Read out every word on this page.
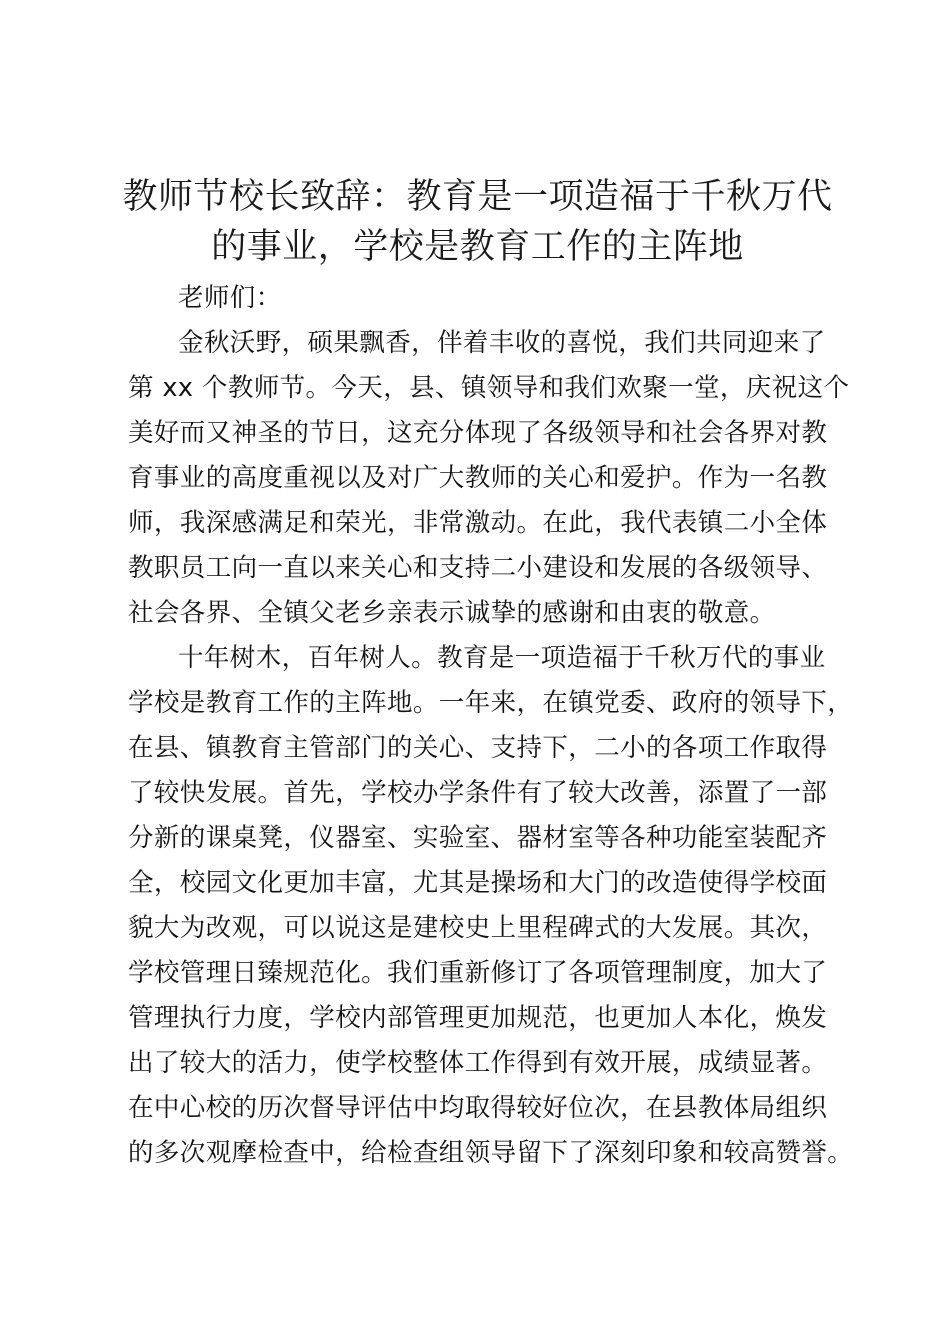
教师节校长致辞：教育是一项造福于千秋万代
的事业，学校是教育工作的主阵地
老师们：
金秋沃野，硕果飘香，伴着丰收的喜悦，我们共同迎来了
第 xx 个教师节。今天，县、镇领导和我们欢聚一堂，庆祝这个
美好而又神圣的节日，这充分体现了各级领导和社会各界对教
育事业的高度重视以及对广大教师的关心和爱护。作为一名教
师，我深感满足和荣光，非常激动。在此，我代表镇二小全体
教职员工向一直以来关心和支持二小建设和发展的各级领导、
社会各界、全镇父老乡亲表示诚挚的感谢和由衷的敬意。
十年树木，百年树人。教育是一项造福于千秋万代的事业
学校是教育工作的主阵地。一年来，在镇党委、政府的领导下，
在县、镇教育主管部门的关心、支持下，二小的各项工作取得
了较快发展。首先，学校办学条件有了较大改善，添置了一部
分新的课桌凳，仪器室、实验室、器材室等各种功能室装配齐
全，校园文化更加丰富，尤其是操场和大门的改造使得学校面
貌大为改观，可以说这是建校史上里程碑式的大发展。其次，
学校管理日臻规范化。我们重新修订了各项管理制度，加大了
管理执行力度，学校内部管理更加规范，也更加人本化，焕发
出了较大的活力，使学校整体工作得到有效开展，成绩显著。
在中心校的历次督导评估中均取得较好位次，在县教体局组织
的多次观摩检查中，给检查组领导留下了深刻印象和较高赞誉。
